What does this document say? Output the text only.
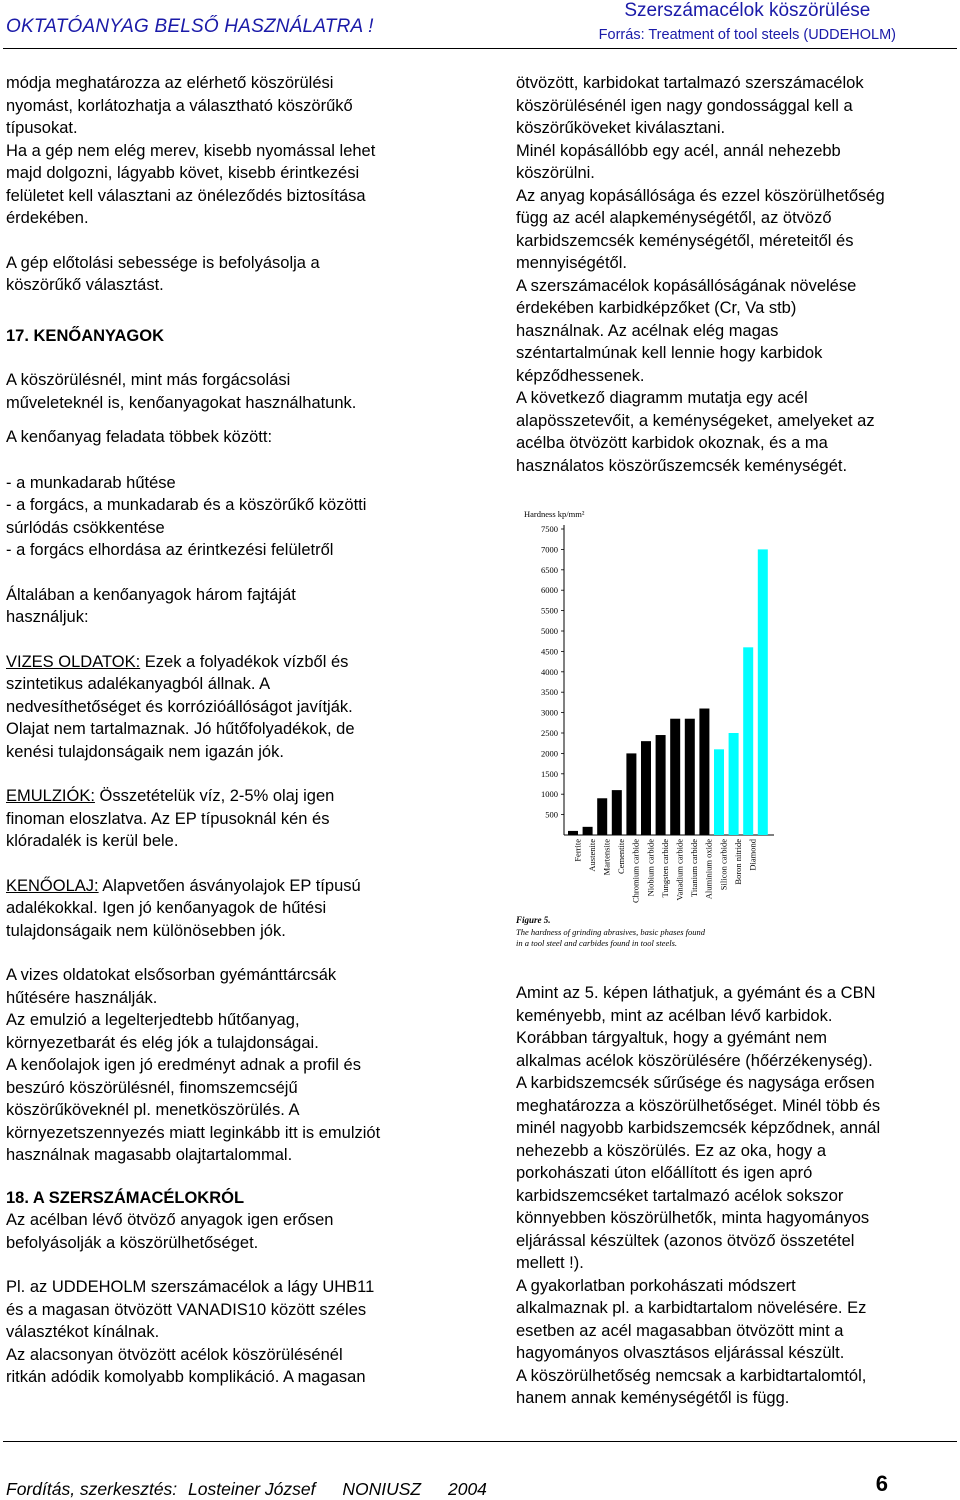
OKTATÓANYAG BELSŐ HASZNÁLATRA !
Szerszámacélok köszörülése
Forrás: Treatment of tool steels (UDDEHOLM)

módja meghatározza az elérhető köszörülési

nyomást, korlátozhatja a választható köszörűkő

típusokat.

Ha a gép nem elég merev, kisebb nyomással lehet

majd dolgozni, lágyabb követ, kisebb érintkezési

felületet kell választani az önéleződés biztosítása

érdekében.

A gép előtolási sebessége is befolyásolja a

köszörűkő választást.

17. KENŐANYAGOK

A köszörülésnél, mint más forgácsolási

műveleteknél is, kenőanyagokat használhatunk.

A kenőanyag feladata többek között:

- a munkadarab hűtése

- a forgács, a munkadarab és a köszörűkő közötti

súrlódás csökkentése

- a forgács elhordása az érintkezési felületről

Általában a kenőanyagok három fajtáját

használjuk:

VIZES OLDATOK: Ezek a folyadékok vízből és

szintetikus adalékanyagból állnak. A

nedvesíthetőséget és korrózióállóságot javítják.

Olajat nem tartalmaznak. Jó hűtőfolyadékok, de

kenési tulajdonságaik nem igazán jók.

EMULZIÓK: Összetételük víz, 2-5% olaj igen

finoman eloszlatva. Az EP típusoknál kén és

klóradalék is kerül bele.

KENŐOLAJ: Alapvetően ásványolajok EP típusú

adalékokkal. Igen jó kenőanyagok de hűtési

tulajdonságaik nem különösebben jók.

A vizes oldatokat elsősorban gyémánttárcsák

hűtésére használják.

Az emulzió a legelterjedtebb hűtőanyag,

környezetbarát és elég jók a tulajdonságai.

A kenőolajok igen jó eredményt adnak a profil és

beszúró köszörülésnél, finomszemcséjű

köszörűköveknél pl. menetköszörülés. A

környezetszennyezés miatt leginkább itt is emulziót

használnak magasabb olajtartalommal.

18. A SZERSZÁMACÉLOKRÓL

Az acélban lévő ötvöző anyagok igen erősen

befolyásolják a köszörülhetőséget.

Pl. az UDDEHOLM szerszámacélok a lágy UHB11

és a magasan ötvözött VANADIS10 között széles

választékot kínálnak.

Az alacsonyan ötvözött acélok köszörülésénél

ritkán adódik komolyabb komplikáció. A magasan

ötvözött, karbidokat tartalmazó szerszámacélok

köszörülésénél igen nagy gondossággal kell a

köszörűköveket kiválasztani.

Minél kopásállóbb egy acél, annál nehezebb

köszörülni.

Az anyag kopásállósága és ezzel köszörülhetőség

függ az acél alapkeménységétől, az ötvöző

karbidszemcsék keménységétől, méreteitől és

mennyiségétől.

A szerszámacélok kopásállóságának növelése

érdekében karbidképzőket (Cr, Va stb)

használnak. Az acélnak elég magas

széntartalmúnak kell lennie hogy karbidok

képződhessenek.

A következő diagramm mutatja egy acél

alapösszetevőit, a keménységeket, amelyeket az

acélba ötvözött karbidok okoznak, és a ma

használatos köszörűszemcsék keménységét.

Hardness kp/mm²
500
1000
1500
2000
2500
3000
3500
4000
4500
5000
5500
6000
6500
7000
7500
Ferrite Austenite Martensite Cementite Chromium carbide Niobium carbide Tungsten carbide Vanadium carbide Titanium carbide Aluminium oxide Silicon carbide Boron nitride Diamond
Figure 5.
The hardness of grinding abrasives, basic phases found
in a tool steel and carbides found in tool steels.

Amint az 5. képen láthatjuk, a gyémánt és a CBN

keményebb, mint az acélban lévő karbidok.

Korábban tárgyaltuk, hogy a gyémánt nem

alkalmas acélok köszörülésére (hőérzékenység).

A karbidszemcsék sűrűsége és nagysága erősen

meghatározza a köszörülhetőséget. Minél több és

minél nagyobb karbidszemcsék képződnek, annál

nehezebb a köszörülés. Ez az oka, hogy a

porkohászati úton előállított és igen apró

karbidszemcséket tartalmazó acélok sokszor

könnyebben köszörülhetők, minta hagyományos

eljárással készültek (azonos ötvöző összetétel

mellett !).

A gyakorlatban porkohászati módszert

alkalmaznak pl. a karbidtartalom növelésére. Ez

esetben az acél magasabban ötvözött mint a

hagyományos olvasztásos eljárással készült.

A köszörülhetőség nemcsak a karbidtartalomtól,

hanem annak keménységétől is függ.

Fordítás, szerkesztés: Losteiner József NONIUSZ 2004	6
